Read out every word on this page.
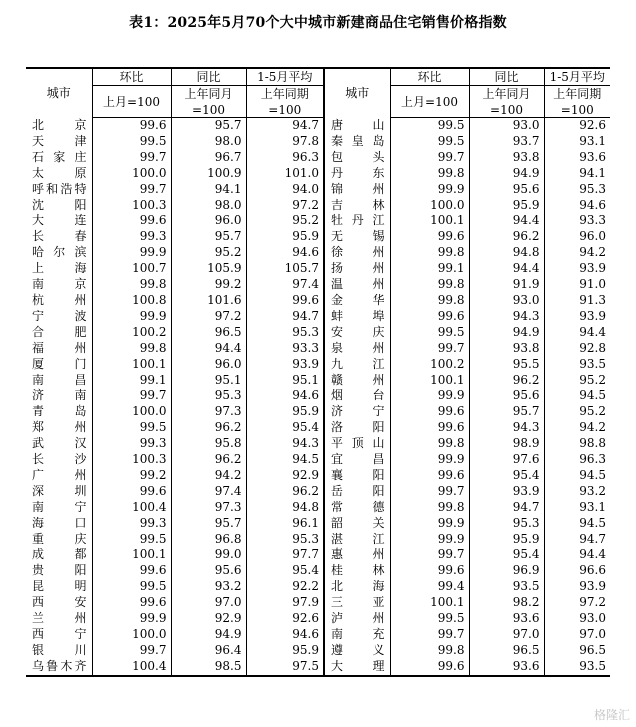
表1：2025年5月70个大中城市新建商品住宅销售价格指数
城市	环比	同比	1-5月平均	城市	环比	同比	1-5月平均
	上月=100	上年同月	上年同期		上月=100	上年同月	上年同期
		=100	=100			=100	=100
北京	99.6	95.7	94.7	唐山	99.5	93.0	92.6
天津	99.5	98.0	97.8	秦皇岛	99.5	93.7	93.1
石家庄	99.7	96.7	96.3	包头	99.7	93.8	93.6
太原	100.0	100.9	101.0	丹东	99.8	94.9	94.1
呼和浩特	99.7	94.1	94.0	锦州	99.9	95.6	95.3
沈阳	100.3	98.0	97.2	吉林	100.0	95.9	94.6
大连	99.6	96.0	95.2	牡丹江	100.1	94.4	93.3
长春	99.3	95.7	95.9	无锡	99.6	96.2	96.0
哈尔滨	99.9	95.2	94.6	徐州	99.8	94.8	94.2
上海	100.7	105.9	105.7	扬州	99.1	94.4	93.9
南京	99.8	99.2	97.4	温州	99.8	91.9	91.0
杭州	100.8	101.6	99.6	金华	99.8	93.0	91.3
宁波	99.9	97.2	94.7	蚌埠	99.6	94.3	93.9
合肥	100.2	96.5	95.3	安庆	99.5	94.9	94.4
福州	99.8	94.4	93.3	泉州	99.7	93.8	92.8
厦门	100.1	96.0	93.9	九江	100.2	95.5	93.5
南昌	99.1	95.1	95.1	赣州	100.1	96.2	95.2
济南	99.7	95.3	94.6	烟台	99.9	95.6	94.5
青岛	100.0	97.3	95.9	济宁	99.6	95.7	95.2
郑州	99.5	96.2	95.4	洛阳	99.6	94.3	94.2
武汉	99.3	95.8	94.3	平顶山	99.8	98.9	98.8
长沙	100.3	96.2	94.5	宜昌	99.9	97.6	96.3
广州	99.2	94.2	92.9	襄阳	99.6	95.4	94.5
深圳	99.6	97.4	96.2	岳阳	99.7	93.9	93.2
南宁	100.4	97.3	94.8	常德	99.8	94.7	93.1
海口	99.3	95.7	96.1	韶关	99.9	95.3	94.5
重庆	99.5	96.8	95.3	湛江	99.9	95.9	94.7
成都	100.1	99.0	97.7	惠州	99.7	95.4	94.4
贵阳	99.6	95.6	95.4	桂林	99.6	96.9	96.6
昆明	99.5	93.2	92.2	北海	99.4	93.5	93.9
西安	99.6	97.0	97.9	三亚	100.1	98.2	97.2
兰州	99.9	92.9	92.6	泸州	99.5	93.6	93.0
西宁	100.0	94.9	94.6	南充	99.7	97.0	97.0
银川	99.7	96.4	95.9	遵义	99.8	96.5	96.5
乌鲁木齐	100.4	98.5	97.5	大理	99.6	93.6	93.5
格隆汇
